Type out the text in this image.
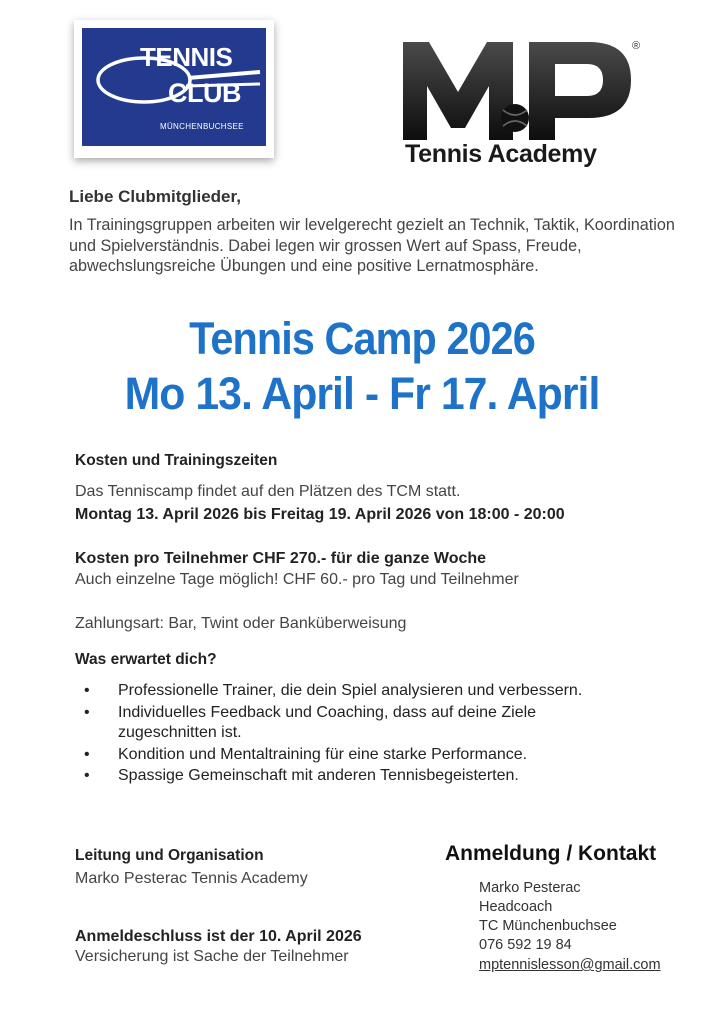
TENNIS
CLUB
MÜNCHENBUCHSEE
®
Tennis Academy
Liebe Clubmitglieder,

In Trainingsgruppen arbeiten wir levelgerecht gezielt an Technik, Taktik, Koordination und Spielverständnis. Dabei legen wir grossen Wert auf Spass, Freude, abwechslungsreiche Übungen und eine positive Lernatmosphäre.

Tennis Camp 2026
Mo 13. April - Fr 17. April
Kosten und Trainingszeiten
Das Tenniscamp findet auf den Plätzen des TCM statt.
Montag 13. April 2026 bis Freitag 19. April 2026 von 18:00 - 20:00
Kosten pro Teilnehmer CHF 270.- für die ganze Woche
Auch einzelne Tage möglich! CHF 60.- pro Tag und Teilnehmer
Zahlungsart: Bar, Twint oder Banküberweisung
Was erwartet dich?
• Professionelle Trainer, die dein Spiel analysieren und verbessern.
• Individuelles Feedback und Coaching, dass auf deine Ziele zugeschnitten ist.
• Kondition und Mentaltraining für eine starke Performance.
• Spassige Gemeinschaft mit anderen Tennisbegeisterten.
Leitung und Organisation
Marko Pesterac Tennis Academy
Anmeldeschluss ist der 10. April 2026
Versicherung ist Sache der Teilnehmer
Anmeldung / Kontakt
Marko Pesterac
Headcoach
TC Münchenbuchsee
076 592 19 84
mptennislesson@gmail.com
